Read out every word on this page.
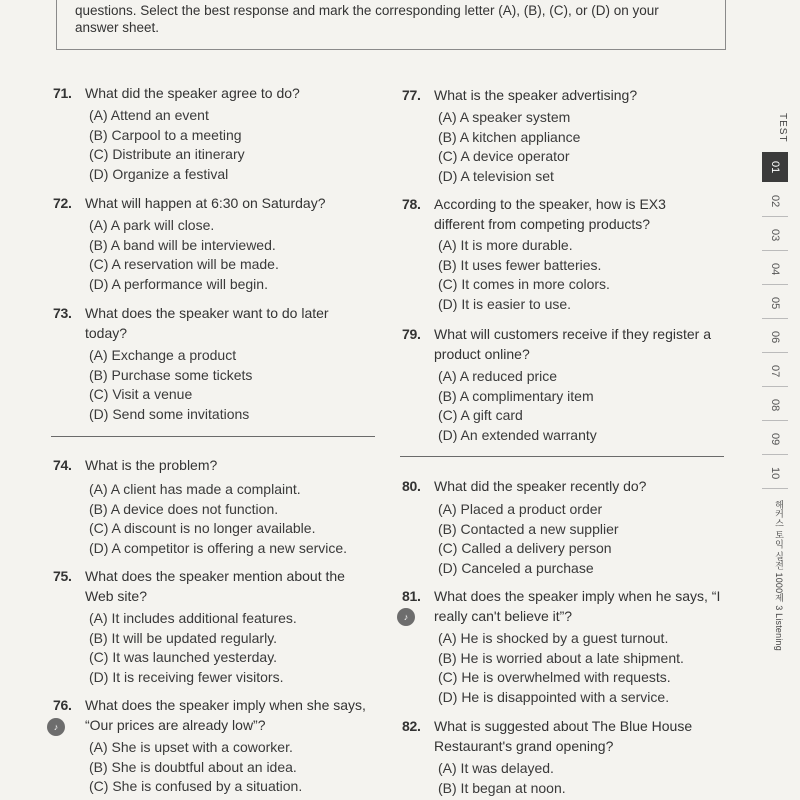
questions. Select the best response and mark the corresponding letter (A), (B), (C), or (D) on your
answer sheet.
71. What did the speaker agree to do?
(A) Attend an event
(B) Carpool to a meeting
(C) Distribute an itinerary
(D) Organize a festival
72. What will happen at 6:30 on Saturday?
(A) A park will close.
(B) A band will be interviewed.
(C) A reservation will be made.
(D) A performance will begin.
73. What does the speaker want to do later today?
(A) Exchange a product
(B) Purchase some tickets
(C) Visit a venue
(D) Send some invitations
74. What is the problem?
(A) A client has made a complaint.
(B) A device does not function.
(C) A discount is no longer available.
(D) A competitor is offering a new service.
75. What does the speaker mention about the Web site?
(A) It includes additional features.
(B) It will be updated regularly.
(C) It was launched yesterday.
(D) It is receiving fewer visitors.
76.
♪
What does the speaker imply when she says, “Our prices are already low”?
(A) She is upset with a coworker.
(B) She is doubtful about an idea.
(C) She is confused by a situation.
77. What is the speaker advertising?
(A) A speaker system
(B) A kitchen appliance
(C) A device operator
(D) A television set
78. According to the speaker, how is EX3 different from competing products?
(A) It is more durable.
(B) It uses fewer batteries.
(C) It comes in more colors.
(D) It is easier to use.
79. What will customers receive if they register a product online?
(A) A reduced price
(B) A complimentary item
(C) A gift card
(D) An extended warranty
80. What did the speaker recently do?
(A) Placed a product order
(B) Contacted a new supplier
(C) Called a delivery person
(D) Canceled a purchase
81.
♪
What does the speaker imply when he says, “I really can't believe it”?
(A) He is shocked by a guest turnout.
(B) He is worried about a late shipment.
(C) He is overwhelmed with requests.
(D) He is disappointed with a service.
82. What is suggested about The Blue House Restaurant's grand opening?
(A) It was delayed.
(B) It began at noon.
TEST
01
02
03
04
05
06
07
08
09
10
해커스 토익 실전 1000제 3 Listening
